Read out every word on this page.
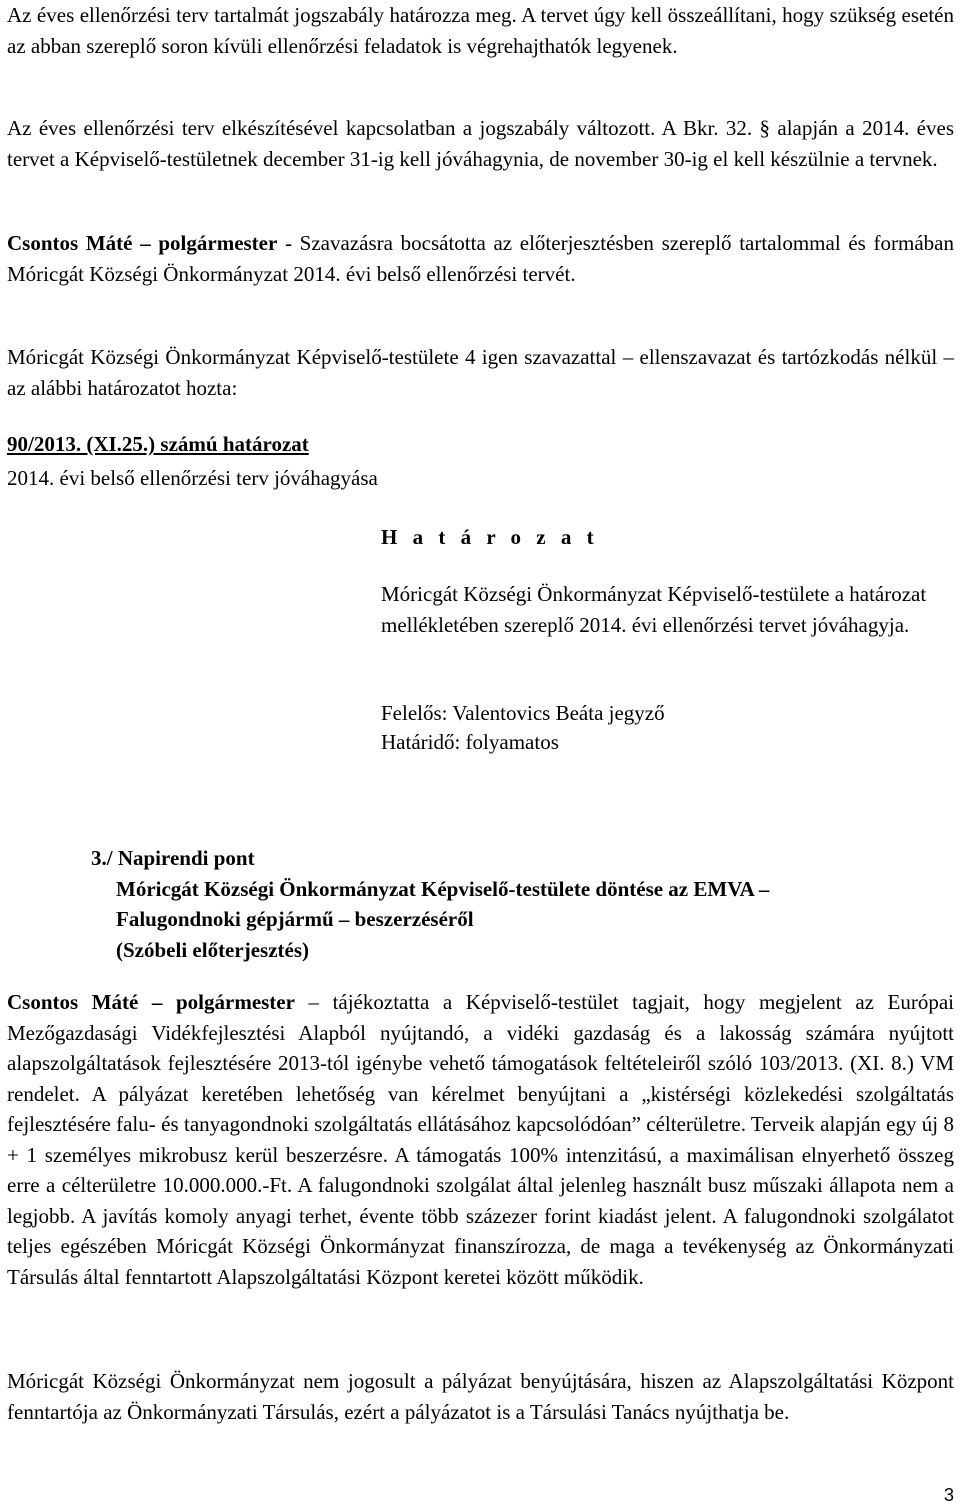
Az éves ellenőrzési terv tartalmát jogszabály határozza meg. A tervet úgy kell összeállítani, hogy szükség esetén az abban szereplő soron kívüli ellenőrzési feladatok is végrehajthatók legyenek.

Az éves ellenőrzési terv elkészítésével kapcsolatban a jogszabály változott. A Bkr. 32. § alapján a 2014. éves tervet a Képviselő-testületnek december 31-ig kell jóváhagynia, de november 30-ig el kell készülnie a tervnek.

Csontos Máté – polgármester - Szavazásra bocsátotta az előterjesztésben szereplő tartalommal és formában Móricgát Községi Önkormányzat 2014. évi belső ellenőrzési tervét.

Móricgát Községi Önkormányzat Képviselő-testülete 4 igen szavazattal – ellenszavazat és tartózkodás nélkül – az alábbi határozatot hozta:

90/2013. (XI.25.) számú határozat
2014. évi belső ellenőrzési terv jóváhagyása
H a t á r o z a t
Móricgát Községi Önkormányzat Képviselő-testülete a határozat mellékletében szereplő 2014. évi ellenőrzési tervet jóváhagyja.
Felelős: Valentovics Beáta jegyző
Határidő: folyamatos
3./ Napirendi pont
Móricgát Községi Önkormányzat Képviselő-testülete döntése az EMVA –
Falugondnoki gépjármű – beszerzéséről
(Szóbeli előterjesztés)

Csontos Máté – polgármester – tájékoztatta a Képviselő-testület tagjait, hogy megjelent az Európai Mezőgazdasági Vidékfejlesztési Alapból nyújtandó, a vidéki gazdaság és a lakosság számára nyújtott alapszolgáltatások fejlesztésére 2013-tól igénybe vehető támogatások feltételeiről szóló 103/2013. (XI. 8.) VM rendelet. A pályázat keretében lehetőség van kérelmet benyújtani a „kistérségi közlekedési szolgáltatás fejlesztésére falu- és tanyagondnoki szolgáltatás ellátásához kapcsolódóan” célterületre. Terveik alapján egy új 8 + 1 személyes mikrobusz kerül beszerzésre. A támogatás 100% intenzitású, a maximálisan elnyerhető összeg erre a célterületre 10.000.000.-Ft. A falugondnoki szolgálat által jelenleg használt busz műszaki állapota nem a legjobb. A javítás komoly anyagi terhet, évente több százezer forint kiadást jelent. A falugondnoki szolgálatot teljes egészében Móricgát Községi Önkormányzat finanszírozza, de maga a tevékenység az Önkormányzati Társulás által fenntartott Alapszolgáltatási Központ keretei között működik.

Móricgát Községi Önkormányzat nem jogosult a pályázat benyújtására, hiszen az Alapszolgáltatási Központ fenntartója az Önkormányzati Társulás, ezért a pályázatot is a Társulási Tanács nyújthatja be.

3
